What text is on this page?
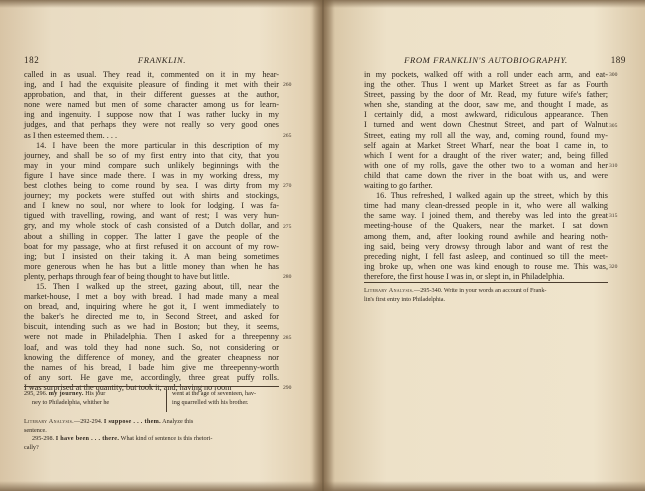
182	FRANKLIN.

called in as usual. They read it, commented on it in my hear-
ing, and I had the exquisite pleasure of finding it met with their
approbation, and that, in their different guesses at the author,
none were named but men of some character among us for learn-
ing and ingenuity. I suppose now that I was rather lucky in my
judges, and that perhaps they were not really so very good ones
as I then esteemed them. . . .

14. I have been the more particular in this description of my
journey, and shall be so of my first entry into that city, that you
may in your mind compare such unlikely beginnings with the
figure I have since made there. I was in my working dress, my
best clothes being to come round by sea. I was dirty from my
journey; my pockets were stuffed out with shirts and stockings,
and I knew no soul, nor where to look for lodging. I was fa-
tigued with travelling, rowing, and want of rest; I was very hun-
gry, and my whole stock of cash consisted of a Dutch dollar, and
about a shilling in copper. The latter I gave the people of the
boat for my passage, who at first refused it on account of my row-
ing; but I insisted on their taking it. A man being sometimes
more generous when he has but a little money than when he has
plenty, perhaps through fear of being thought to have but little.

15. Then I walked up the street, gazing about, till, near the
market-house, I met a boy with bread. I had made many a meal
on bread, and, inquiring where he got it, I went immediately to
the baker's he directed me to, in Second Street, and asked for
biscuit, intending such as we had in Boston; but they, it seems,
were not made in Philadelphia. Then I asked for a threepenny
loaf, and was told they had none such. So, not considering or
knowing the difference of money, and the greater cheapness nor
the names of his bread, I bade him give me threepenny-worth
of any sort. He gave me, accordingly, three great puffy rolls.
I was surprised at the quantity, but took it, and, having no room

260
265
270
275
280
285
290
295, 296. my journey. His jour
ney to Philadelphia, whither he
went at the age of seventeen, hav-
ing quarrelled with his brother.
Literary Analysis.—292-294. I suppose . . . them. Analyze this
sentence.
295-298. I have been . . . there. What kind of sentence is this rhetori-
cally?
FROM FRANKLIN'S AUTOBIOGRAPHY.	189

in my pockets, walked off with a roll under each arm, and eat-
ing the other. Thus I went up Market Street as far as Fourth
Street, passing by the door of Mr. Read, my future wife's father;
when she, standing at the door, saw me, and thought I made, as
I certainly did, a most awkward, ridiculous appearance. Then
I turned and went down Chestnut Street, and part of Walnut
Street, eating my roll all the way, and, coming round, found my-
self again at Market Street Wharf, near the boat I came in, to
which I went for a draught of the river water; and, being filled
with one of my rolls, gave the other two to a woman and her
child that came down the river in the boat with us, and were
waiting to go farther.

16. Thus refreshed, I walked again up the street, which by this
time had many clean-dressed people in it, who were all walking
the same way. I joined them, and thereby was led into the great
meeting-house of the Quakers, near the market. I sat down
among them, and, after looking round awhile and hearing noth-
ing said, being very drowsy through labor and want of rest the
preceding night, I fell fast asleep, and continued so till the meet-
ing broke up, when one was kind enough to rouse me. This was,
therefore, the first house I was in, or slept in, in Philadelphia.

300
305
310
315
320
Literary Analysis.—295-340. Write in your words an account of Frank-
lin's first entry into Philadelphia.
